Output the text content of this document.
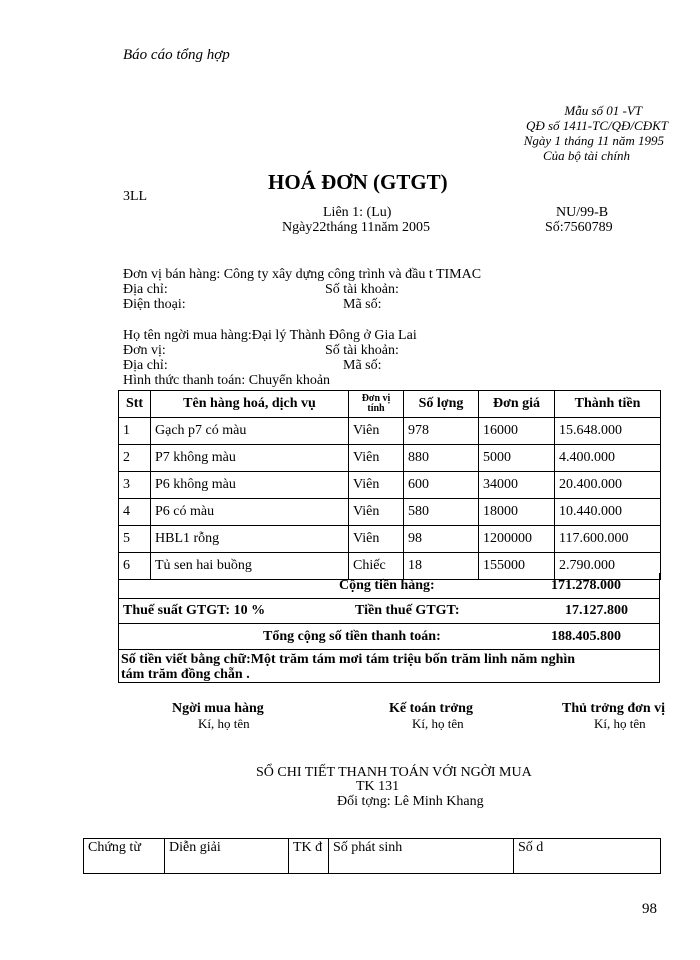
Báo cáo tổng hợp
Mẫu số 01 -VT
QĐ số 1411-TC/QĐ/CĐKT
Ngày 1 tháng 11 năm 1995
Của bộ tài chính
HOÁ ĐƠN (GTGT)
3LL
Liên 1: (Lu)	NU/99-B
Ngày22tháng 11năm 2005	Số:7560789
Đơn vị bán hàng: Công ty xây dựng công trình và đầu t TIMAC
Địa chỉ:	Số tài khoản:
Điện thoại:	Mã số:
Họ tên ngời mua hàng:Đại lý Thành Đông ở Gia Lai
Đơn vị:	Số tài khoản:
Địa chỉ:	Mã số:
Hình thức thanh toán: Chuyển khoản
Stt	Tên hàng hoá, dịch vụ	Đơn vị tính	Số lợng	Đơn giá	Thành tiền
1	Gạch p7 có màu	Viên	978	16000	15.648.000
2	P7 không màu	Viên	880	5000	4.400.000
3	P6 không màu	Viên	600	34000	20.400.000
4	P6 có màu	Viên	580	18000	10.440.000
5	HBL1 rỗng	Viên	98	1200000	117.600.000
6	Tủ sen hai buồng	Chiếc	18	155000	2.790.000
Cộng tiền hàng:	171.278.000
Thuế suất GTGT: 10 %	Tiền thuế GTGT:	17.127.800
Tổng cộng số tiền thanh toán:	188.405.800
Số tiền viết bằng chữ:Một trăm tám mơi tám triệu bốn trăm linh năm nghìn
tám trăm đồng chẵn .
Ngời mua hàng
Kí, họ tên
Kế toán trởng
Kí, họ tên
Thủ trởng đơn vị
Kí, họ tên
SỔ CHI TIẾT THANH TOÁN VỚI NGỜI MUA
TK 131
Đối tợng: Lê Minh Khang
Chứng từ	Diễn giải	TK đ	Số phát sinh	Số d
98
